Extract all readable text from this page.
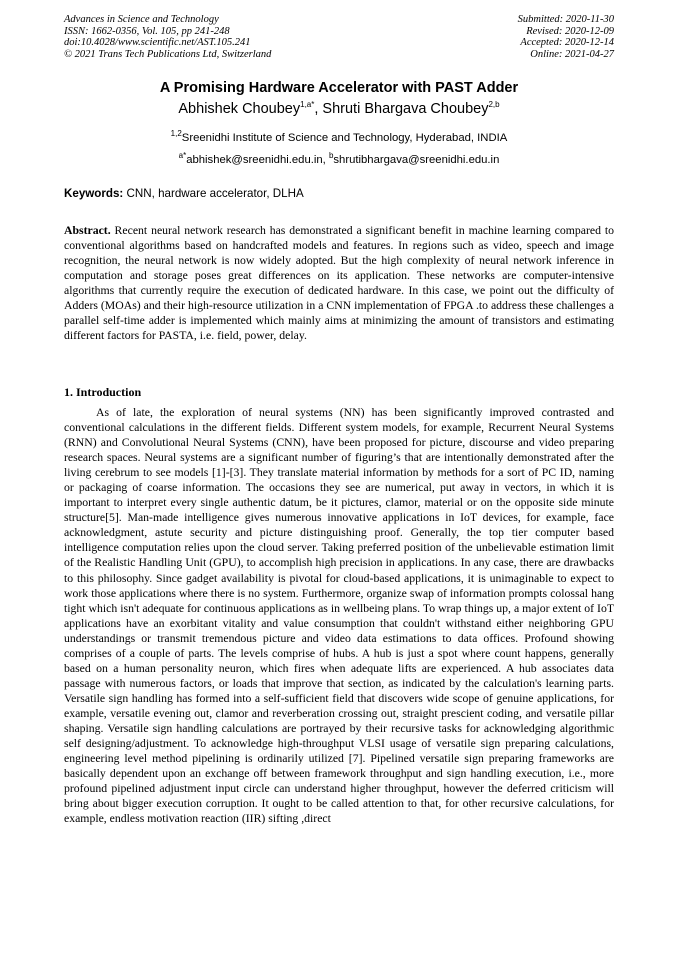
Advances in Science and Technology
ISSN: 1662-0356, Vol. 105, pp 241-248
doi:10.4028/www.scientific.net/AST.105.241
© 2021 Trans Tech Publications Ltd, Switzerland
Submitted: 2020-11-30
Revised: 2020-12-09
Accepted: 2020-12-14
Online: 2021-04-27
A Promising Hardware Accelerator with PAST Adder
Abhishek Choubey$^{1,a*}$, Shruti Bhargava Choubey$^{2,b}$
$^{1,2}$Sreenidhi Institute of Science and Technology, Hyderabad, INDIA
$^{a*}$abhishek@sreenidhi.edu.in, $^b$shrutibhargava@sreenidhi.edu.in
Keywords: CNN, hardware accelerator, DLHA
Abstract. Recent neural network research has demonstrated a significant benefit in machine learning compared to conventional algorithms based on handcrafted models and features. In regions such as video, speech and image recognition, the neural network is now widely adopted. But the high complexity of neural network inference in computation and storage poses great differences on its application. These networks are computer-intensive algorithms that currently require the execution of dedicated hardware. In this case, we point out the difficulty of Adders (MOAs) and their high-resource utilization in a CNN implementation of FPGA .to address these challenges a parallel self-time adder is implemented which mainly aims at minimizing the amount of transistors and estimating different factors for PASTA, i.e. field, power, delay.
1. Introduction
As of late, the exploration of neural systems (NN) has been significantly improved contrasted and conventional calculations in the different fields. Different system models, for example, Recurrent Neural Systems (RNN) and Convolutional Neural Systems (CNN), have been proposed for picture, discourse and video preparing research spaces. Neural systems are a significant number of figuring’s that are intentionally demonstrated after the living cerebrum to see models [1]-[3]. They translate material information by methods for a sort of PC ID, naming or packaging of coarse information. The occasions they see are numerical, put away in vectors, in which it is important to interpret every single authentic datum, be it pictures, clamor, material or on the opposite side minute structure[5]. Man-made intelligence gives numerous innovative applications in IoT devices, for example, face acknowledgment, astute security and picture distinguishing proof. Generally, the top tier computer based intelligence computation relies upon the cloud server. Taking preferred position of the unbelievable estimation limit of the Realistic Handling Unit (GPU), to accomplish high precision in applications. In any case, there are drawbacks to this philosophy. Since gadget availability is pivotal for cloud-based applications, it is unimaginable to expect to work those applications where there is no system. Furthermore, organize swap of information prompts colossal hang tight which isn't adequate for continuous applications as in wellbeing plans. To wrap things up, a major extent of IoT applications have an exorbitant vitality and value consumption that couldn't withstand either neighboring GPU understandings or transmit tremendous picture and video data estimations to data offices. Profound showing comprises of a couple of parts. The levels comprise of hubs. A hub is just a spot where count happens, generally based on a human personality neuron, which fires when adequate lifts are experienced. A hub associates data passage with numerous factors, or loads that improve that section, as indicated by the calculation's learning parts. Versatile sign handling has formed into a self-sufficient field that discovers wide scope of genuine applications, for example, versatile evening out, clamor and reverberation crossing out, straight prescient coding, and versatile pillar shaping. Versatile sign handling calculations are portrayed by their recursive tasks for acknowledging algorithmic self designing/adjustment. To acknowledge high-throughput VLSI usage of versatile sign preparing calculations, engineering level method pipelining is ordinarily utilized [7]. Pipelined versatile sign preparing frameworks are basically dependent upon an exchange off between framework throughput and sign handling execution, i.e., more profound pipelined adjustment input circle can understand higher throughput, however the deferred criticism will bring about bigger execution corruption. It ought to be called attention to that, for other recursive calculations, for example, endless motivation reaction (IIR) sifting ,direct
